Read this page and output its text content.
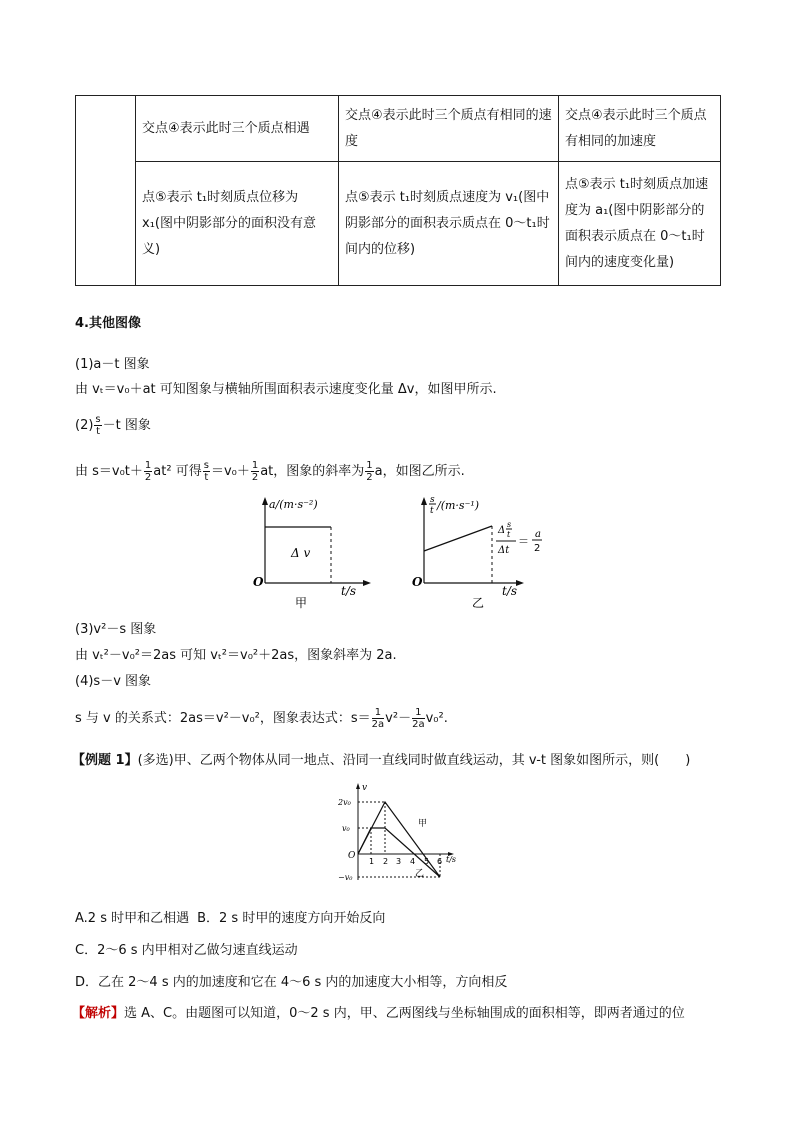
	交点④表示此时三个质点相遇	交点④表示此时三个质点有相同的速度	交点④表示此时三个质点有相同的加速度
	点⑤表示 t₁时刻质点位移为 x₁(图中阴影部分的面积没有意义)	点⑤表示 t₁时刻质点速度为 v₁(图中阴影部分的面积表示质点在 0～t₁时间内的位移)	点⑤表示 t₁时刻质点加速度为 a₁(图中阴影部分的面积表示质点在 0～t₁时间内的速度变化量)
4.其他图像
(1)a－t 图象
由 vₜ＝v₀＋at 可知图象与横轴所围面积表示速度变化量 Δv，如图甲所示.
$(2) \frac{s}{t} -t$ 图象
由 $s=v_0t+ \frac{1}{2} at^2$ 可得 $\frac{s}{t} =v_0+ \frac{1}{2}$ at，图象的斜率为 $\frac{1}{2}$ a，如图乙所示.
a/(m·s⁻²)
Δ v
O
t/s
甲
s
t /(m·s⁻¹)
Δ
s
t
Δt
＝
a
2
O
t/s
乙
(3)v²－s 图象
由 vₜ²－v₀²＝2as 可知 vₜ²＝v₀²＋2as，图象斜率为 2a.
(4)s－v 图象
s 与 v 的关系式：2as＝v²－v₀²，图象表达式：$s= \frac{1}{2a} v^2- \frac{1}{2a} v_0^2$.
【例题 1】(多选)甲、乙两个物体从同一地点、沿同一直线同时做直线运动，其 v-t 图象如图所示，则(　　)
v
2v₀
v₀
−v₀
O
1 2 3 4 5 6 t/s
甲
乙
A.2 s 时甲和乙相遇 B．2 s 时甲的速度方向开始反向
C．2～6 s 内甲相对乙做匀速直线运动
D．乙在 2～4 s 内的加速度和它在 4～6 s 内的加速度大小相等，方向相反
【解析】选 A、C。由题图可以知道，0～2 s 内，甲、乙两图线与坐标轴围成的面积相等，即两者通过的位
